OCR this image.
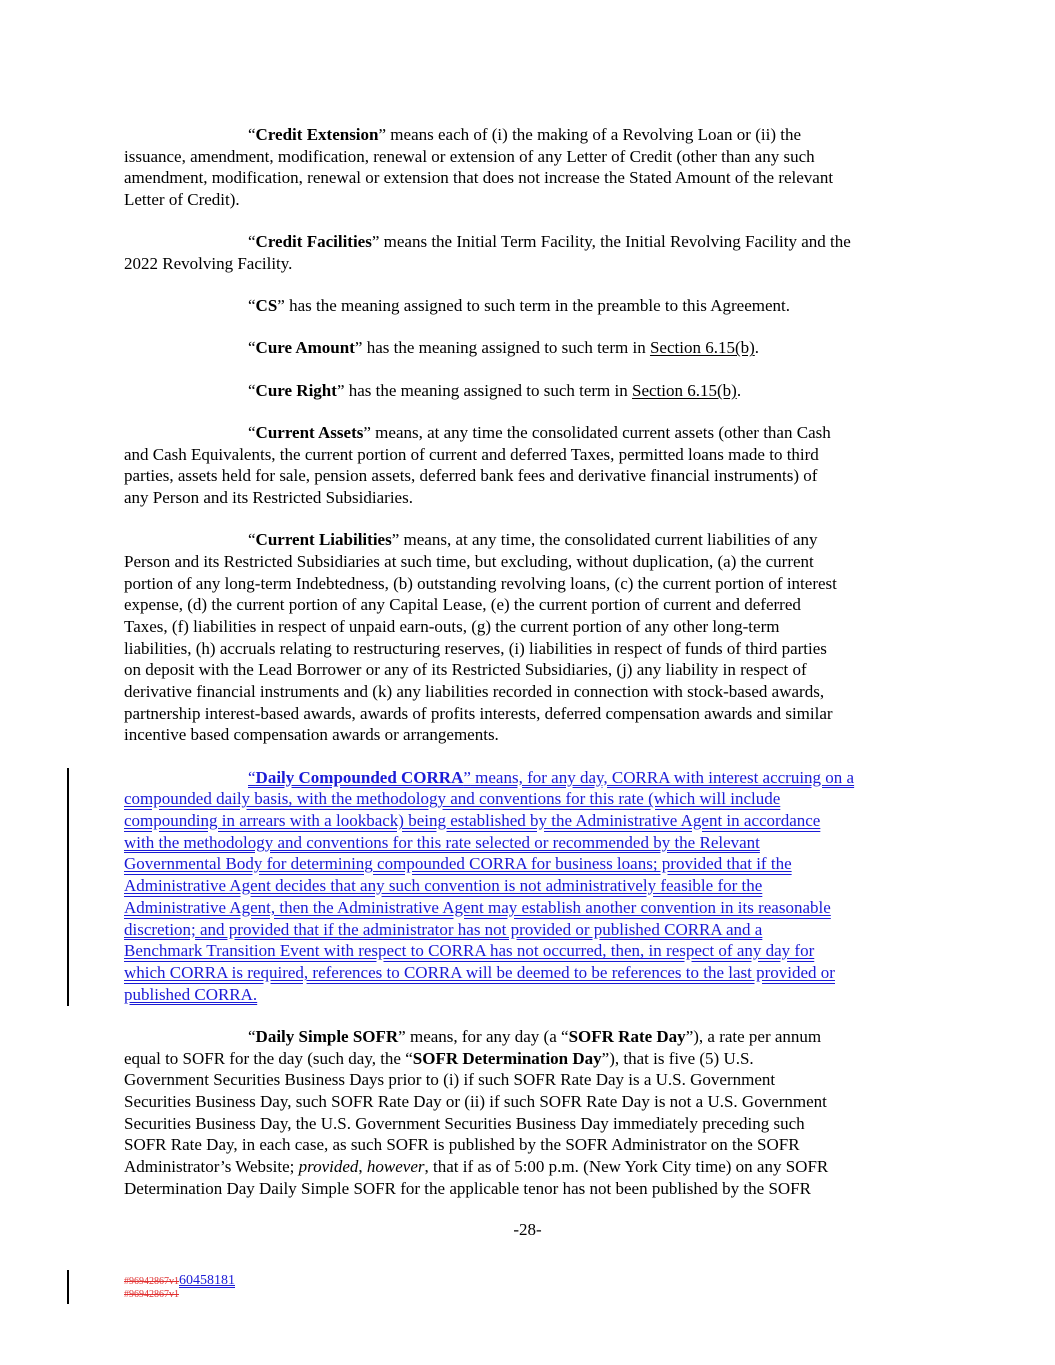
“Credit Extension” means each of (i) the making of a Revolving Loan or (ii) the
issuance, amendment, modification, renewal or extension of any Letter of Credit (other than any such
amendment, modification, renewal or extension that does not increase the Stated Amount of the relevant
Letter of Credit).

“Credit Facilities” means the Initial Term Facility, the Initial Revolving Facility and the
2022 Revolving Facility.

“CS” has the meaning assigned to such term in the preamble to this Agreement.

“Cure Amount” has the meaning assigned to such term in Section 6.15(b).

“Cure Right” has the meaning assigned to such term in Section 6.15(b).

“Current Assets” means, at any time the consolidated current assets (other than Cash
and Cash Equivalents, the current portion of current and deferred Taxes, permitted loans made to third
parties, assets held for sale, pension assets, deferred bank fees and derivative financial instruments) of
any Person and its Restricted Subsidiaries.

“Current Liabilities” means, at any time, the consolidated current liabilities of any
Person and its Restricted Subsidiaries at such time, but excluding, without duplication, (a) the current
portion of any long-term Indebtedness, (b) outstanding revolving loans, (c) the current portion of interest
expense, (d) the current portion of any Capital Lease, (e) the current portion of current and deferred
Taxes, (f) liabilities in respect of unpaid earn-outs, (g) the current portion of any other long-term
liabilities, (h) accruals relating to restructuring reserves, (i) liabilities in respect of funds of third parties
on deposit with the Lead Borrower or any of its Restricted Subsidiaries, (j) any liability in respect of
derivative financial instruments and (k) any liabilities recorded in connection with stock-based awards,
partnership interest-based awards, awards of profits interests, deferred compensation awards and similar
incentive based compensation awards or arrangements.

“Daily Compounded CORRA” means, for any day, CORRA with interest accruing on a
compounded daily basis, with the methodology and conventions for this rate (which will include
compounding in arrears with a lookback) being established by the Administrative Agent in accordance
with the methodology and conventions for this rate selected or recommended by the Relevant
Governmental Body for determining compounded CORRA for business loans; provided that if the
Administrative Agent decides that any such convention is not administratively feasible for the
Administrative Agent, then the Administrative Agent may establish another convention in its reasonable
discretion; and provided that if the administrator has not provided or published CORRA and a
Benchmark Transition Event with respect to CORRA has not occurred, then, in respect of any day for
which CORRA is required, references to CORRA will be deemed to be references to the last provided or
published CORRA.

“Daily Simple SOFR” means, for any day (a “SOFR Rate Day”), a rate per annum
equal to SOFR for the day (such day, the “SOFR Determination Day”), that is five (5) U.S.
Government Securities Business Days prior to (i) if such SOFR Rate Day is a U.S. Government
Securities Business Day, such SOFR Rate Day or (ii) if such SOFR Rate Day is not a U.S. Government
Securities Business Day, the U.S. Government Securities Business Day immediately preceding such
SOFR Rate Day, in each case, as such SOFR is published by the SOFR Administrator on the SOFR
Administrator’s Website; provided, however, that if as of 5:00 p.m. (New York City time) on any SOFR
Determination Day Daily Simple SOFR for the applicable tenor has not been published by the SOFR

-28-
#96942867v160458181
#96942867v1
